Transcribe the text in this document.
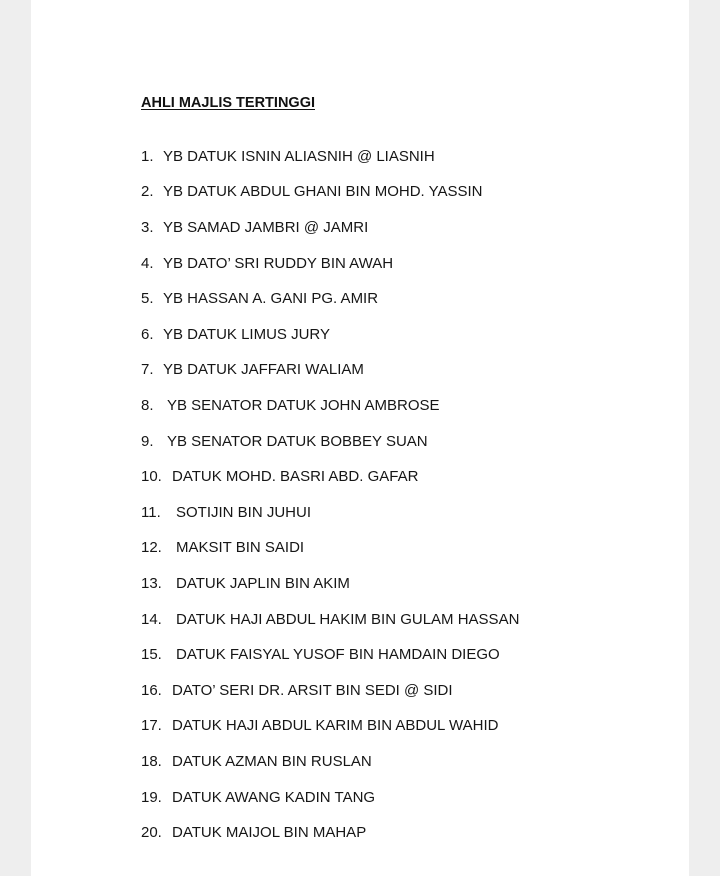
AHLI MAJLIS TERTINGGI
1. YB DATUK ISNIN ALIASNIH @ LIASNIH
2. YB DATUK ABDUL GHANI BIN MOHD. YASSIN
3. YB SAMAD JAMBRI @ JAMRI
4. YB DATO’ SRI RUDDY BIN AWAH
5. YB HASSAN A. GANI PG. AMIR
6. YB DATUK LIMUS JURY
7. YB DATUK JAFFARI WALIAM
8. YB SENATOR DATUK JOHN AMBROSE
9. YB SENATOR DATUK BOBBEY SUAN
10. DATUK MOHD. BASRI ABD. GAFAR
11. SOTIJIN BIN JUHUI
12. MAKSIT BIN SAIDI
13. DATUK JAPLIN BIN AKIM
14. DATUK HAJI ABDUL HAKIM BIN GULAM HASSAN
15. DATUK FAISYAL YUSOF BIN HAMDAIN DIEGO
16. DATO’ SERI DR. ARSIT BIN SEDI @ SIDI
17. DATUK HAJI ABDUL KARIM BIN ABDUL WAHID
18. DATUK AZMAN BIN RUSLAN
19. DATUK AWANG KADIN TANG
20. DATUK MAIJOL BIN MAHAP
